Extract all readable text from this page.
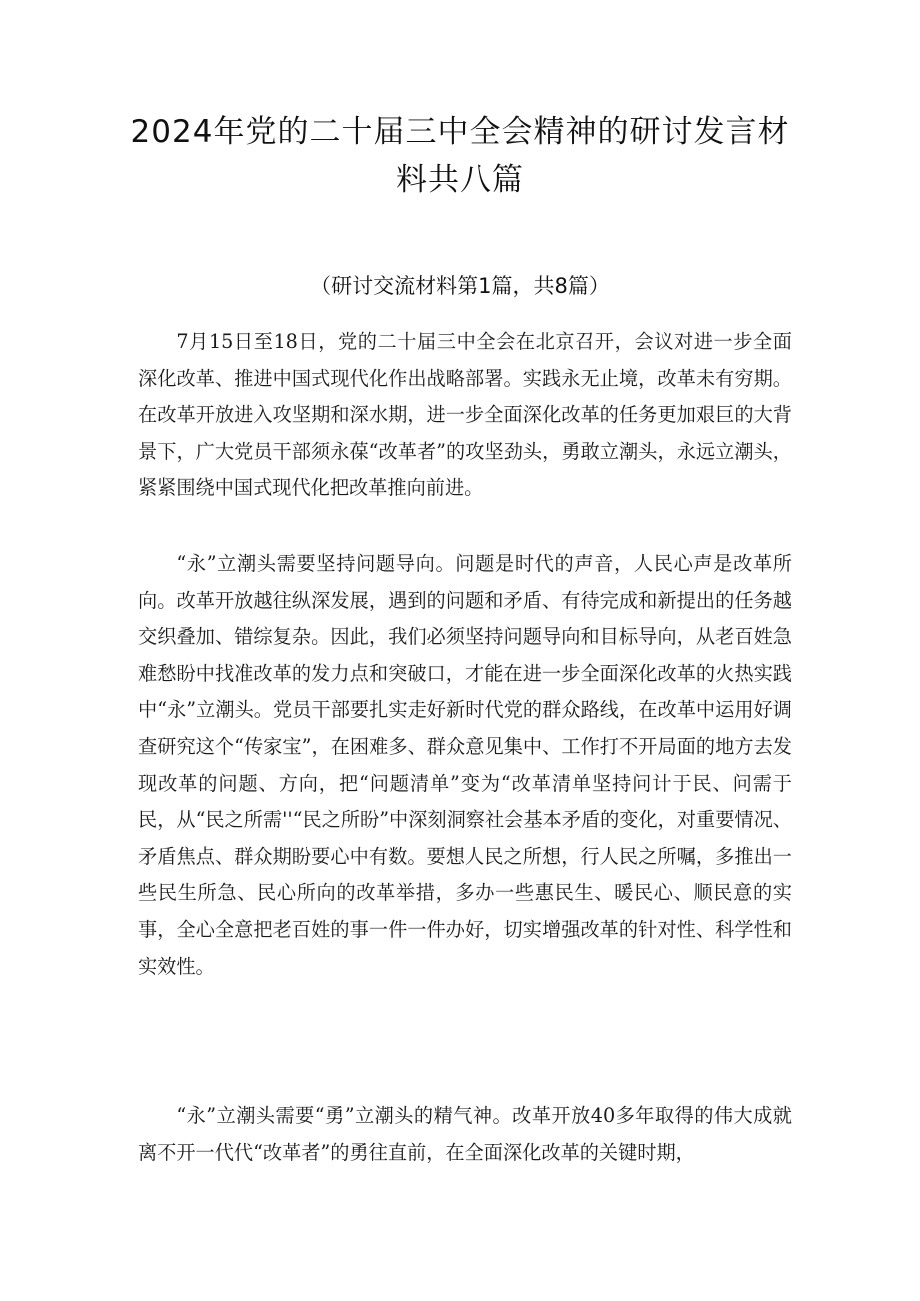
2024年党的二十届三中全会精神的研讨发言材料共八篇
（研讨交流材料第1篇，共8篇）

7月15日至18日，党的二十届三中全会在北京召开，会议对进一步全面深化改革、推进中国式现代化作出战略部署。实践永无止境，改革未有穷期。在改革开放进入攻坚期和深水期，进一步全面深化改革的任务更加艰巨的大背景下，广大党员干部须永葆“改革者”的攻坚劲头，勇敢立潮头，永远立潮头，紧紧围绕中国式现代化把改革推向前进。

“永”立潮头需要坚持问题导向。问题是时代的声音，人民心声是改革所向。改革开放越往纵深发展，遇到的问题和矛盾、有待完成和新提出的任务越交织叠加、错综复杂。因此，我们必须坚持问题导向和目标导向，从老百姓急难愁盼中找准改革的发力点和突破口，才能在进一步全面深化改革的火热实践中“永”立潮头。党员干部要扎实走好新时代党的群众路线，在改革中运用好调查研究这个“传家宝”，在困难多、群众意见集中、工作打不开局面的地方去发现改革的问题、方向，把“问题清单”变为“改革清单坚持问计于民、问需于民，从“民之所需''“民之所盼”中深刻洞察社会基本矛盾的变化，对重要情况、矛盾焦点、群众期盼要心中有数。要想人民之所想，行人民之所嘱，多推出一些民生所急、民心所向的改革举措，多办一些惠民生、暖民心、顺民意的实事，全心全意把老百姓的事一件一件办好，切实增强改革的针对性、科学性和实效性。

“永”立潮头需要“勇”立潮头的精气神。改革开放40多年取得的伟大成就离不开一代代“改革者”的勇往直前，在全面深化改革的关键时期，
